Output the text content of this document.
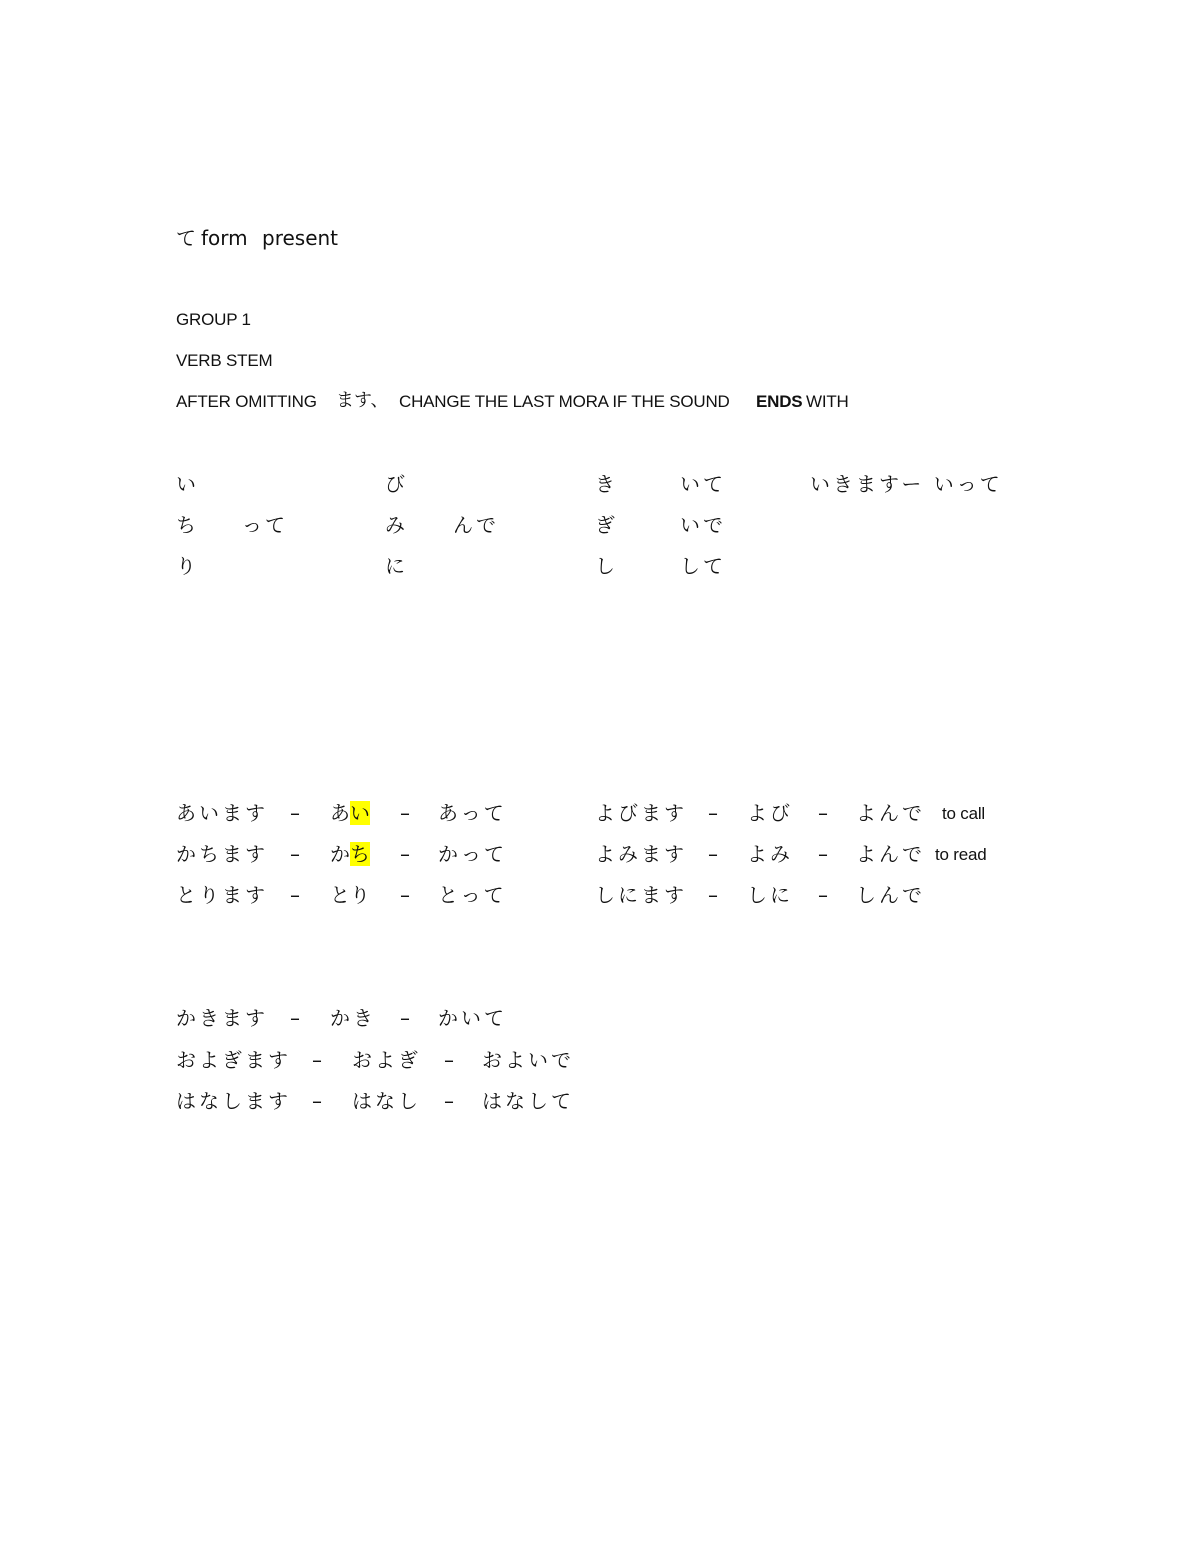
て form present
GROUP 1
VERB STEM
AFTER OMITTING ます、 CHANGE THE LAST MORA IF THE SOUND ENDS WITH
い	び	き	いて	いきますー いって
ち って	み んで	ぎ	いで
り	に	し	して
あいます – あい – あって
かちます – かち – かって
とります – とり – とって
よびます – よび – よんで to call
よみます – よみ – よんで to read
しにます – しに – しんで
かきます – かき – かいて
およぎます – およぎ – およいで
はなします – はなし – はなして
